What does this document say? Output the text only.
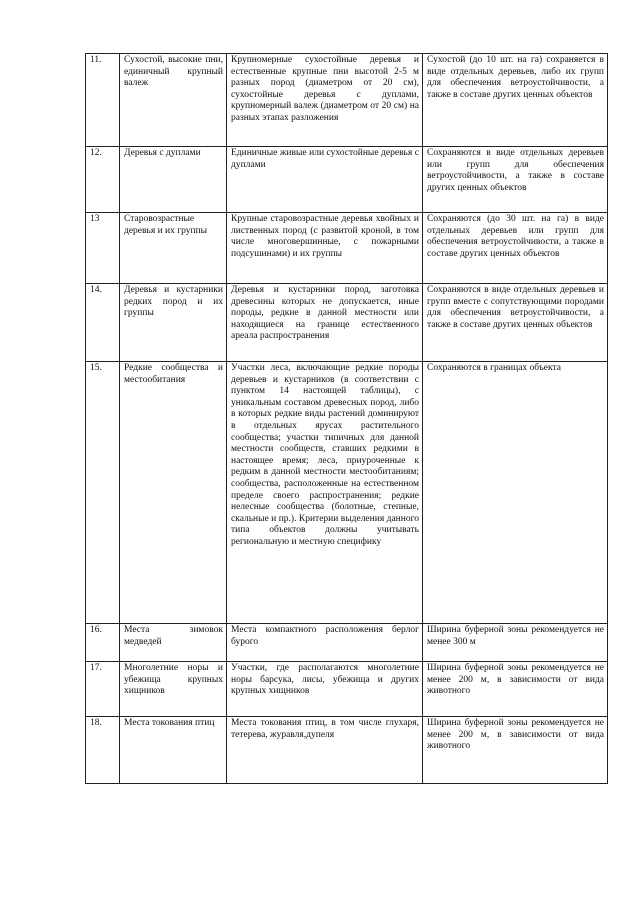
11.	Сухостой, высокие пни, единичный крупный валеж	Крупномерные сухостойные деревья и естественные крупные пни высотой 2-5 м разных пород (диаметром от 20 см), сухостойные деревья с дуплами, крупномерный валеж (диаметром от 20 см) на разных этапах разложения	Сухостой (до 10 шт. на га) сохраняется в виде отдельных деревьев, либо их групп для обеспечения ветроустойчивости, а также в составе других ценных объектов
12.	Деревья с дуплами	Единичные живые или сухостойные деревья с дуплами	Сохраняются в виде отдельных деревьев или групп для обеспечения ветроустойчивости, а также в составе других ценных объектов
13	Старовозрастные деревья и их группы	Крупные старовозрастные деревья хвойных и лиственных пород (с развитой кроной, в том числе многовершинные, с пожарными подсушинами) и их группы	Сохраняются (до 30 шт. на га) в виде отдельных деревьев или групп для обеспечения ветроустойчивости, а также в составе других ценных объектов
14.	Деревья и кустарники редких пород и их группы	Деревья и кустарники пород, заготовка древесины которых не допускается, иные породы, редкие в данной местности или находящиеся на границе естественного ареала распространения	Сохраняются в виде отдельных деревьев и групп вместе с сопутствующими породами для обеспечения ветроустойчивости, а также в составе других ценных объектов
15.	Редкие сообщества и местообитания	Участки леса, включающие редкие породы деревьев и кустарников (в соответствии с пунктом 14 настоящей таблицы), с уникальным составом древесных пород, либо в которых редкие виды растений доминируют в отдельных ярусах растительного сообщества; участки типичных для данной местности сообществ, ставших редкими в настоящее время; леса, приуроченные к редким в данной местности местообитаниям; сообщества, расположенные на естественном пределе своего распространения; редкие нелесные сообщества (болотные, степные, скальные и пр.). Критерии выделения данного типа объектов должны учитывать региональную и местную специфику	Сохраняются в границах объекта
16.	Места зимовок медведей	Места компактного расположения берлог бурого	Ширина буферной зоны рекомендуется не менее 300 м
17.	Многолетние норы и убежища крупных хищников	Участки, где располагаются многолетние норы барсука, лисы, убежища и других крупных хищников	Ширина буферной зоны рекомендуется не менее 200 м, в зависимости от вида животного
18.	Места токования птиц	Места токования птиц, в том числе глухаря, тетерева, журавля,дупеля	Ширина буферной зоны рекомендуется не менее 200 м, в зависимости от вида животного
